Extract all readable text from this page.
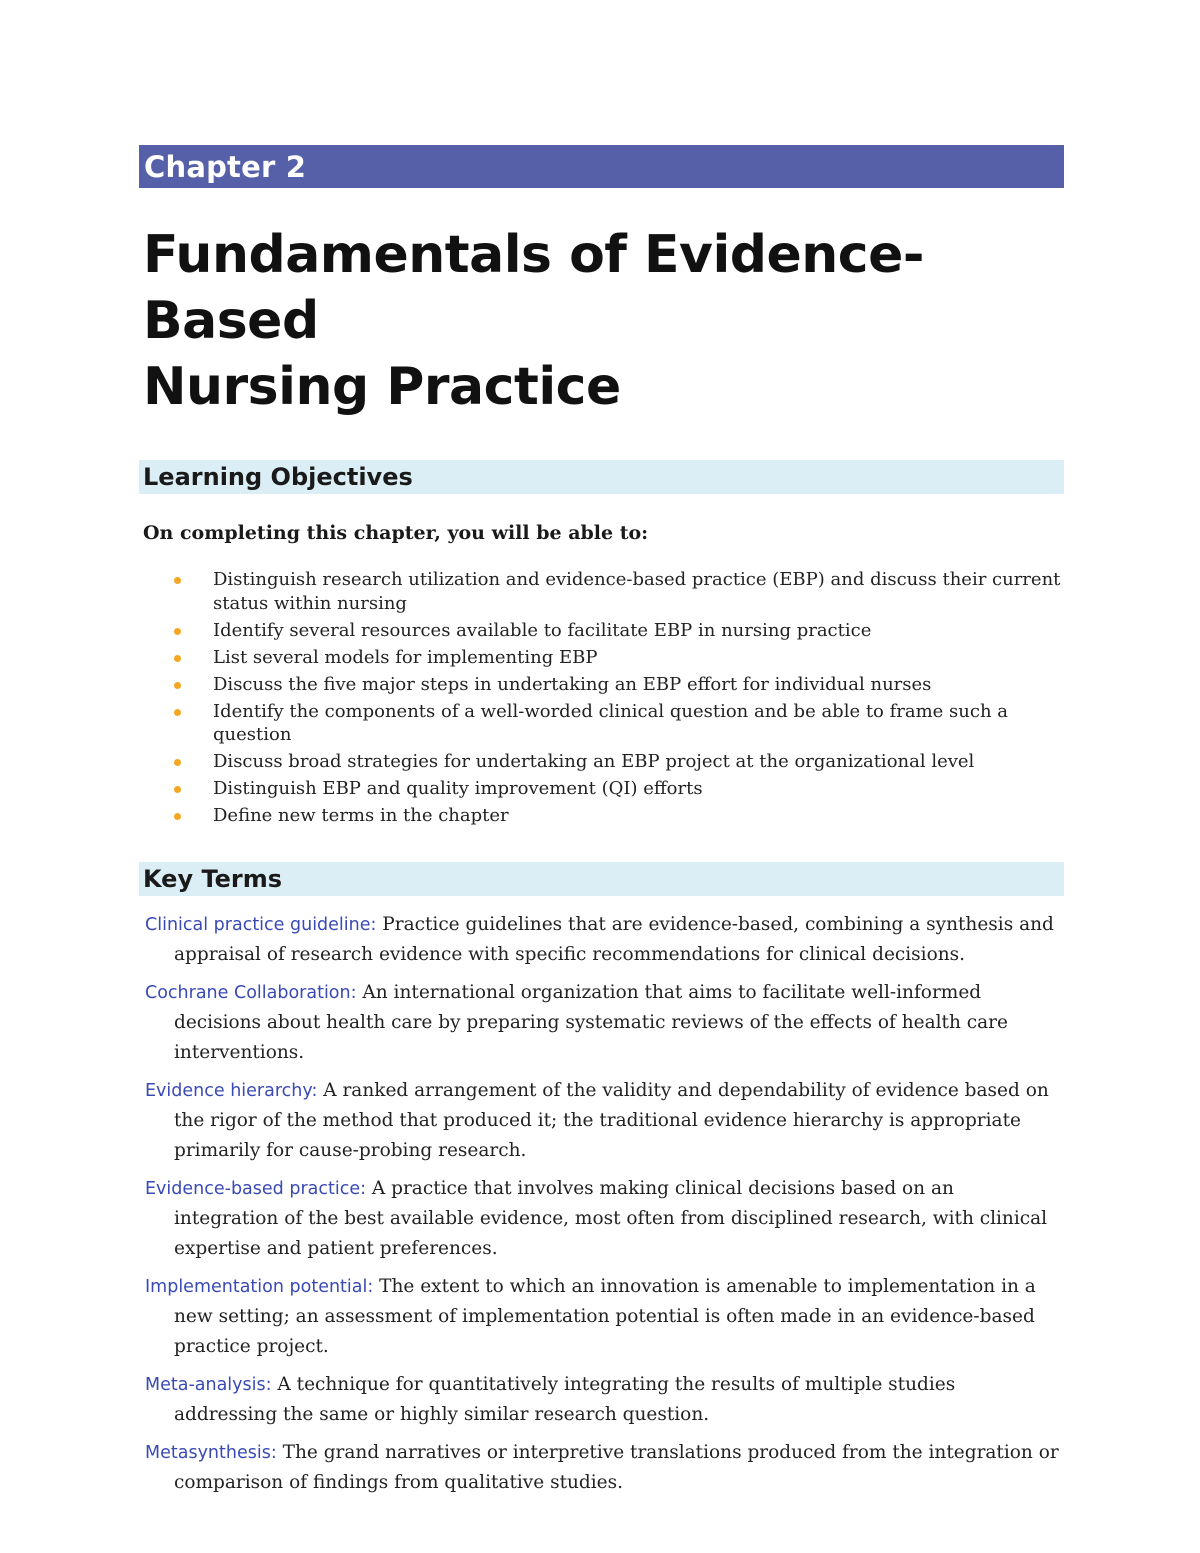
Chapter 2
Fundamentals of Evidence-Based
Nursing Practice
Learning Objectives
On completing this chapter, you will be able to:
Distinguish research utilization and evidence-based practice (EBP) and discuss their current status within nursing
Identify several resources available to facilitate EBP in nursing practice
List several models for implementing EBP
Discuss the five major steps in undertaking an EBP effort for individual nurses
Identify the components of a well-worded clinical question and be able to frame such a question
Discuss broad strategies for undertaking an EBP project at the organizational level
Distinguish EBP and quality improvement (QI) efforts
Define new terms in the chapter
Key Terms
Clinical practice guideline: Practice guidelines that are evidence-based, combining a synthesis and appraisal of research evidence with specific recommendations for clinical decisions.
Cochrane Collaboration: An international organization that aims to facilitate well-informed decisions about health care by preparing systematic reviews of the effects of health care interventions.
Evidence hierarchy: A ranked arrangement of the validity and dependability of evidence based on the rigor of the method that produced it; the traditional evidence hierarchy is appropriate primarily for cause-probing research.
Evidence-based practice: A practice that involves making clinical decisions based on an integration of the best available evidence, most often from disciplined research, with clinical expertise and patient preferences.
Implementation potential: The extent to which an innovation is amenable to implementation in a new setting; an assessment of implementation potential is often made in an evidence-based practice project.
Meta-analysis: A technique for quantitatively integrating the results of multiple studies addressing the same or highly similar research question.
Metasynthesis: The grand narratives or interpretive translations produced from the integration or comparison of findings from qualitative studies.
